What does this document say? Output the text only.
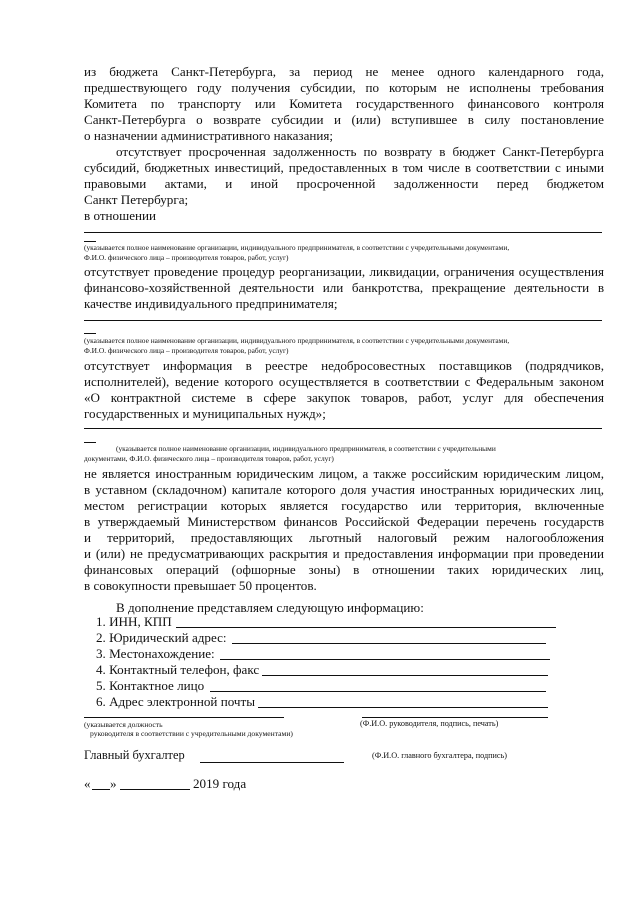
из бюджета Санкт-Петербурга, за период не менее одного календарного года,
предшествующего году получения субсидии, по которым не исполнены требования
Комитета по транспорту или Комитета государственного финансового контроля
Санкт-Петербурга о возврате субсидии и (или) вступившее в силу постановление
о назначении административного наказания;
отсутствует просроченная задолженность по возврату в бюджет Санкт-Петербурга
субсидий, бюджетных инвестиций, предоставленных в том числе в соответствии с иными
правовыми актами, и иной просроченной задолженности перед бюджетом
Санкт Петербурга;
в отношении
(указывается полное наименование организации, индивидуального предпринимателя, в соответствии с учредительными документами,
Ф.И.О. физического лица – производителя товаров, работ, услуг)
отсутствует проведение процедур реорганизации, ликвидации, ограничения осуществления
финансово-хозяйственной деятельности или банкротства, прекращение деятельности в
качестве индивидуального предпринимателя;
(указывается полное наименование организации, индивидуального предпринимателя, в соответствии с учредительными документами,
Ф.И.О. физического лица – производителя товаров, работ, услуг)
отсутствует информация в реестре недобросовестных поставщиков (подрядчиков,
исполнителей), ведение которого осуществляется в соответствии с Федеральным законом
«О контрактной системе в сфере закупок товаров, работ, услуг для обеспечения
государственных и муниципальных нужд»;
(указывается полное наименование организации, индивидуального предпринимателя, в соответствии с учредительными
документами, Ф.И.О. физического лица – производителя товаров, работ, услуг)
не является иностранным юридическим лицом, а также российским юридическим лицом,
в уставном (складочном) капитале которого доля участия иностранных юридических лиц,
местом регистрации которых является государство или территория, включенные
в утверждаемый Министерством финансов Российской Федерации перечень государств
и территорий, предоставляющих льготный налоговый режим налогообложения
и (или) не предусматривающих раскрытия и предоставления информации при проведении
финансовых операций (офшорные зоны) в отношении таких юридических лиц,
в совокупности превышает 50 процентов.
В дополнение представляем следующую информацию:
1. ИНН, КПП
2. Юридический адрес:
3. Местонахождение:
4. Контактный телефон, факс
5. Контактное лицо
6. Адрес электронной почты
(указывается должность
руководителя в соответствии с учредительными документами)
(Ф.И.О. руководителя, подпись, печать)
Главный бухгалтер	(Ф.И.О. главного бухгалтера, подпись)
« »	2019 года
